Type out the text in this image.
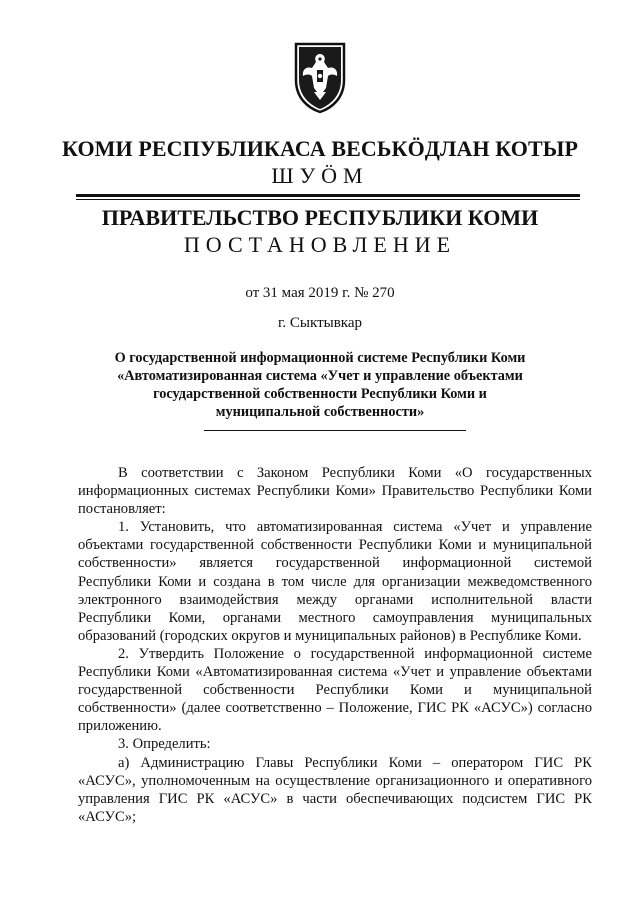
КОМИ РЕСПУБЛИКАСА ВЕСЬКӦДЛАН КОТЫР
ШУӦМ
ПРАВИТЕЛЬСТВО РЕСПУБЛИКИ КОМИ
ПОСТАНОВЛЕНИЕ
от 31 мая 2019 г. № 270
г. Сыктывкар
О государственной информационной системе Республики Коми «Автоматизированная система «Учет и управление объектами государственной собственности Республики Коми и муниципальной собственности»

В соответствии с Законом Республики Коми «О государственных информационных системах Республики Коми» Правительство Республики Коми постановляет:

1. Установить, что автоматизированная система «Учет и управление объектами государственной собственности Республики Коми и муниципальной собственности» является государственной информационной системой Республики Коми и создана в том числе для организации межведомственного электронного взаимодействия между органами исполнительной власти Республики Коми, органами местного самоуправления муниципальных образований (городских округов и муниципальных районов) в Республике Коми.

2. Утвердить Положение о государственной информационной системе Республики Коми «Автоматизированная система «Учет и управление объектами государственной собственности Республики Коми и муниципальной собственности» (далее соответственно – Положение, ГИС РК «АСУС») согласно приложению.

3. Определить:

а) Администрацию Главы Республики Коми – оператором ГИС РК «АСУС», уполномоченным на осуществление организационного и оперативного управления ГИС РК «АСУС» в части обеспечивающих подсистем ГИС РК «АСУС»;
